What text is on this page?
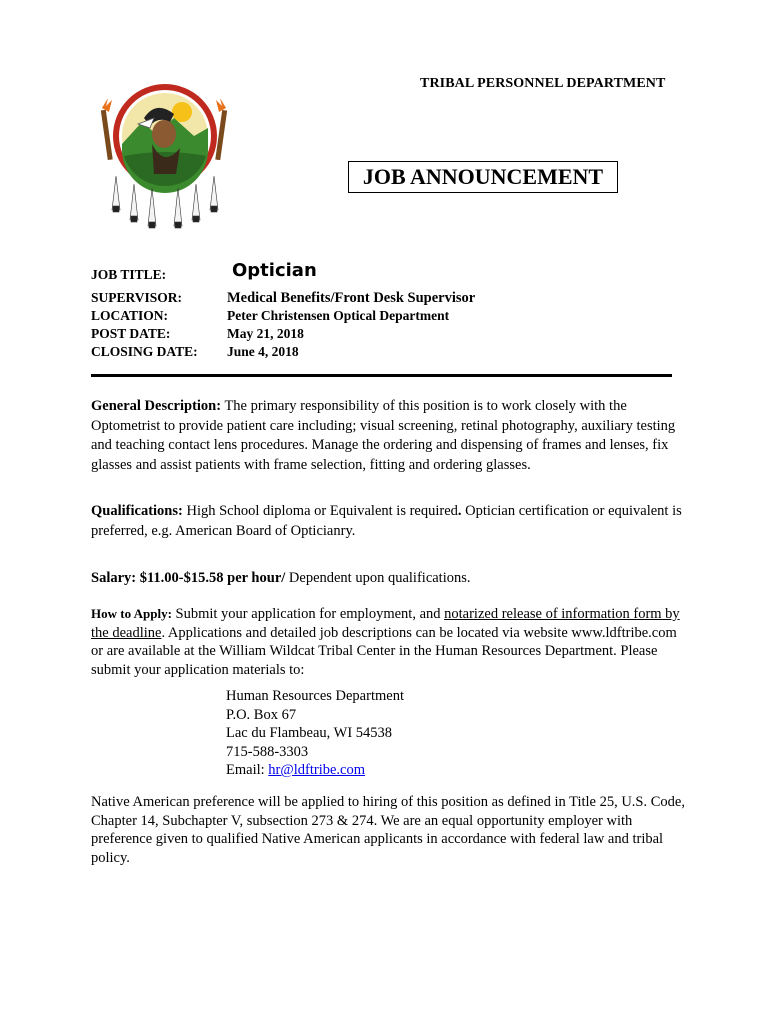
TRIBAL PERSONNEL DEPARTMENT
JOB ANNOUNCEMENT
JOB TITLE:	Optician
SUPERVISOR:	Medical Benefits/Front Desk Supervisor
LOCATION:	Peter Christensen Optical Department
POST DATE:	May 21, 2018
CLOSING DATE: June 4, 2018
General Description: The primary responsibility of this position is to work closely with the Optometrist to provide patient care including; visual screening, retinal photography, auxiliary testing and teaching contact lens procedures. Manage the ordering and dispensing of frames and lenses, fix glasses and assist patients with frame selection, fitting and ordering glasses.
Qualifications: High School diploma or Equivalent is required. Optician certification or equivalent is preferred, e.g. American Board of Opticianry.
Salary: $11.00-$15.58 per hour/ Dependent upon qualifications.
How to Apply: Submit your application for employment, and notarized release of information form by the deadline. Applications and detailed job descriptions can be located via website www.ldftribe.com or are available at the William Wildcat Tribal Center in the Human Resources Department. Please submit your application materials to:
Human Resources Department
P.O. Box 67
Lac du Flambeau, WI 54538
715-588-3303
Email: hr@ldftribe.com
Native American preference will be applied to hiring of this position as defined in Title 25, U.S. Code, Chapter 14, Subchapter V, subsection 273 & 274. We are an equal opportunity employer with preference given to qualified Native American applicants in accordance with federal law and tribal policy.
